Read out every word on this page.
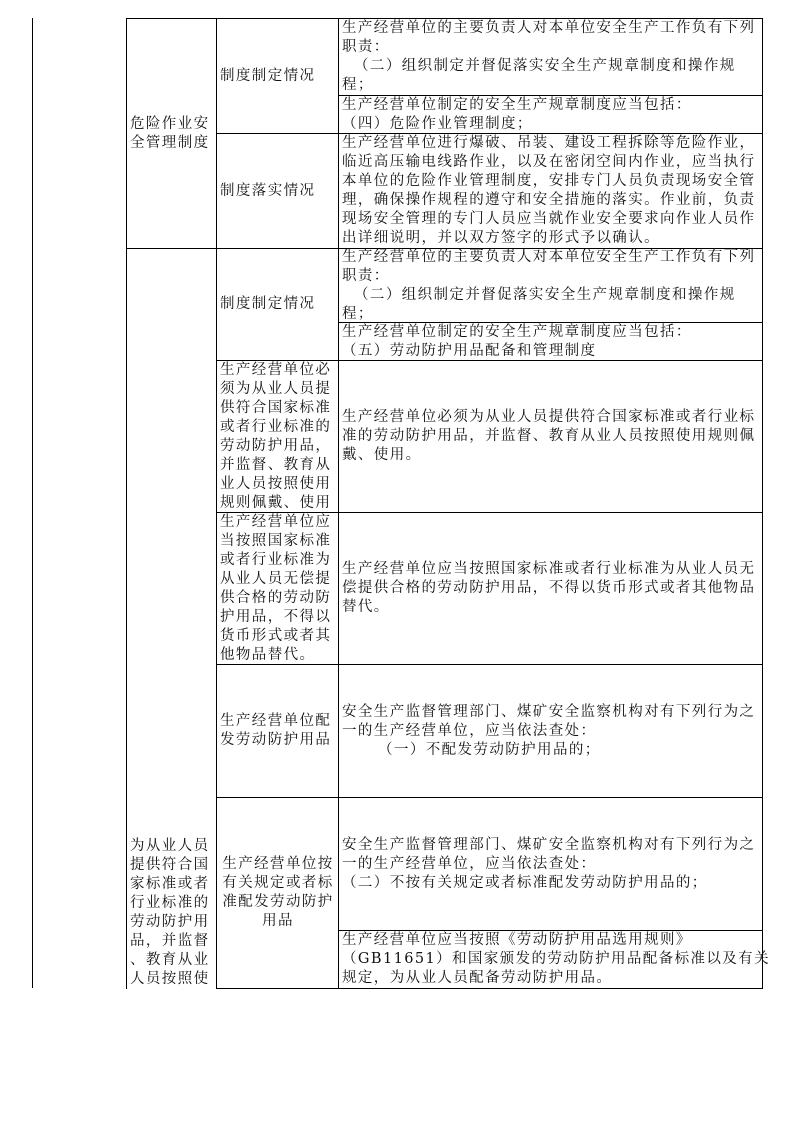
危险作业安
全管理制度
制度制定情况
生产经营单位的主要负责人对本单位安全生产工作负有下列
职责：
（二）组织制定并督促落实安全生产规章制度和操作规
程；
生产经营单位制定的安全生产规章制度应当包括：
（四）危险作业管理制度；
制度落实情况
生产经营单位进行爆破、吊装、建设工程拆除等危险作业，
临近高压输电线路作业，以及在密闭空间内作业，应当执行
本单位的危险作业管理制度，安排专门人员负责现场安全管
理，确保操作规程的遵守和安全措施的落实。作业前，负责
现场安全管理的专门人员应当就作业安全要求向作业人员作
出详细说明，并以双方签字的形式予以确认。
为从业人员
提供符合国
家标准或者
行业标准的
劳动防护用
品，并监督
、教育从业
人员按照使
制度制定情况
生产经营单位的主要负责人对本单位安全生产工作负有下列
职责：
（二）组织制定并督促落实安全生产规章制度和操作规
程；
生产经营单位制定的安全生产规章制度应当包括：
（五）劳动防护用品配备和管理制度
生产经营单位必
须为从业人员提
供符合国家标准
或者行业标准的
劳动防护用品，
并监督、教育从
业人员按照使用
规则佩戴、使用
生产经营单位必须为从业人员提供符合国家标准或者行业标
准的劳动防护用品，并监督、教育从业人员按照使用规则佩
戴、使用。
生产经营单位应
当按照国家标准
或者行业标准为
从业人员无偿提
供合格的劳动防
护用品，不得以
货币形式或者其
他物品替代。
生产经营单位应当按照国家标准或者行业标准为从业人员无
偿提供合格的劳动防护用品，不得以货币形式或者其他物品
替代。
生产经营单位配
发劳动防护用品
安全生产监督管理部门、煤矿安全监察机构对有下列行为之
一的生产经营单位，应当依法查处：
（一）不配发劳动防护用品的；
生产经营单位按
有关规定或者标
准配发劳动防护
用品
安全生产监督管理部门、煤矿安全监察机构对有下列行为之
一的生产经营单位，应当依法查处：
（二）不按有关规定或者标准配发劳动防护用品的；
生产经营单位应当按照《劳动防护用品选用规则》
（GB11651）和国家颁发的劳动防护用品配备标准以及有关
规定，为从业人员配备劳动防护用品。
